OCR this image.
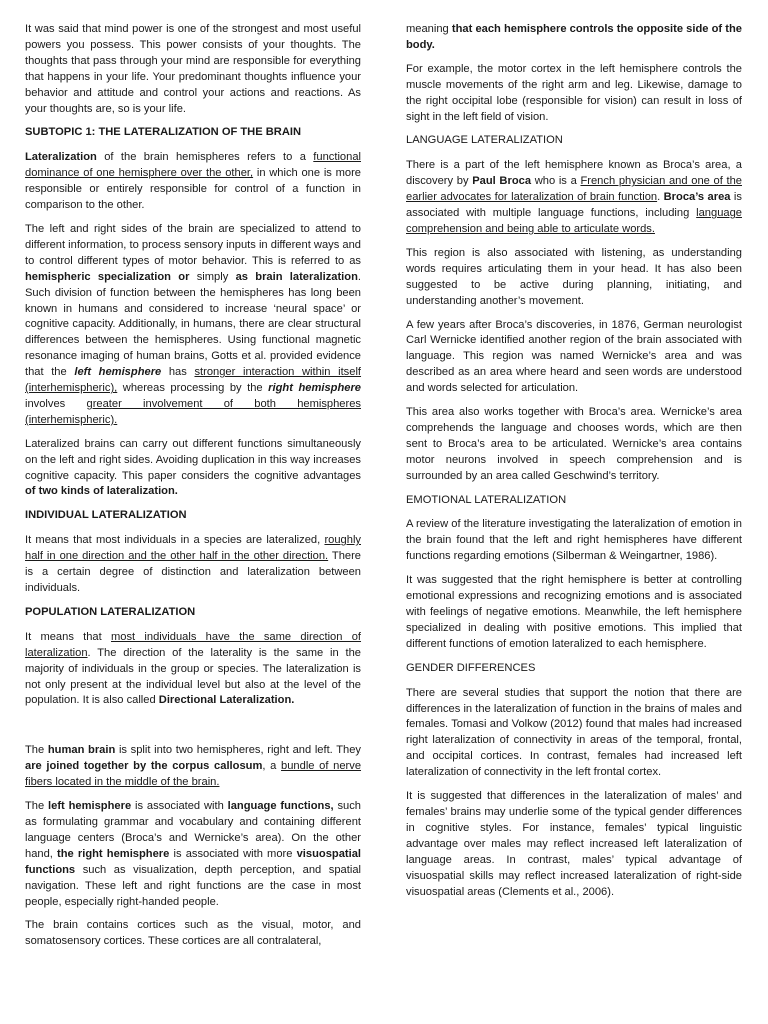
It was said that mind power is one of the strongest and most useful powers you possess. This power consists of your thoughts. The thoughts that pass through your mind are responsible for everything that happens in your life. Your predominant thoughts influence your behavior and attitude and control your actions and reactions. As your thoughts are, so is your life.

SUBTOPIC 1: THE LATERALIZATION OF THE BRAIN

Lateralization of the brain hemispheres refers to a functional dominance of one hemisphere over the other, in which one is more responsible or entirely responsible for control of a function in comparison to the other.

The left and right sides of the brain are specialized to attend to different information, to process sensory inputs in different ways and to control different types of motor behavior. This is referred to as hemispheric specialization or simply as brain lateralization. Such division of function between the hemispheres has long been known in humans and considered to increase ‘neural space’ or cognitive capacity. Additionally, in humans, there are clear structural differences between the hemispheres. Using functional magnetic resonance imaging of human brains, Gotts et al. provided evidence that the left hemisphere has stronger interaction within itself (interhemispheric), whereas processing by the right hemisphere involves greater involvement of both hemispheres (interhemispheric).

Lateralized brains can carry out different functions simultaneously on the left and right sides. Avoiding duplication in this way increases cognitive capacity. This paper considers the cognitive advantages of two kinds of lateralization.

INDIVIDUAL LATERALIZATION

It means that most individuals in a species are lateralized, roughly half in one direction and the other half in the other direction. There is a certain degree of distinction and lateralization between individuals.

POPULATION LATERALIZATION

It means that most individuals have the same direction of lateralization. The direction of the laterality is the same in the majority of individuals in the group or species. The lateralization is not only present at the individual level but also at the level of the population. It is also called Directional Lateralization.

The human brain is split into two hemispheres, right and left. They are joined together by the corpus callosum, a bundle of nerve fibers located in the middle of the brain.

The left hemisphere is associated with language functions, such as formulating grammar and vocabulary and containing different language centers (Broca’s and Wernicke’s area). On the other hand, the right hemisphere is associated with more visuospatial functions such as visualization, depth perception, and spatial navigation. These left and right functions are the case in most people, especially right-handed people.

The brain contains cortices such as the visual, motor, and somatosensory cortices. These cortices are all contralateral,

meaning that each hemisphere controls the opposite side of the body.

For example, the motor cortex in the left hemisphere controls the muscle movements of the right arm and leg. Likewise, damage to the right occipital lobe (responsible for vision) can result in loss of sight in the left field of vision.

LANGUAGE LATERALIZATION

There is a part of the left hemisphere known as Broca’s area, a discovery by Paul Broca who is a French physician and one of the earlier advocates for lateralization of brain function. Broca’s area is associated with multiple language functions, including language comprehension and being able to articulate words.

This region is also associated with listening, as understanding words requires articulating them in your head. It has also been suggested to be active during planning, initiating, and understanding another’s movement.

A few years after Broca’s discoveries, in 1876, German neurologist Carl Wernicke identified another region of the brain associated with language. This region was named Wernicke’s area and was described as an area where heard and seen words are understood and words selected for articulation.

This area also works together with Broca’s area. Wernicke’s area comprehends the language and chooses words, which are then sent to Broca’s area to be articulated. Wernicke’s area contains motor neurons involved in speech comprehension and is surrounded by an area called Geschwind’s territory.

EMOTIONAL LATERALIZATION

A review of the literature investigating the lateralization of emotion in the brain found that the left and right hemispheres have different functions regarding emotions (Silberman & Weingartner, 1986).

It was suggested that the right hemisphere is better at controlling emotional expressions and recognizing emotions and is associated with feelings of negative emotions. Meanwhile, the left hemisphere specialized in dealing with positive emotions. This implied that different functions of emotion lateralized to each hemisphere.

GENDER DIFFERENCES

There are several studies that support the notion that there are differences in the lateralization of function in the brains of males and females. Tomasi and Volkow (2012) found that males had increased right lateralization of connectivity in areas of the temporal, frontal, and occipital cortices. In contrast, females had increased left lateralization of connectivity in the left frontal cortex.

It is suggested that differences in the lateralization of males’ and females’ brains may underlie some of the typical gender differences in cognitive styles. For instance, females’ typical linguistic advantage over males may reflect increased left lateralization of language areas. In contrast, males’ typical advantage of visuospatial skills may reflect increased lateralization of right-side visuospatial areas (Clements et al., 2006).
